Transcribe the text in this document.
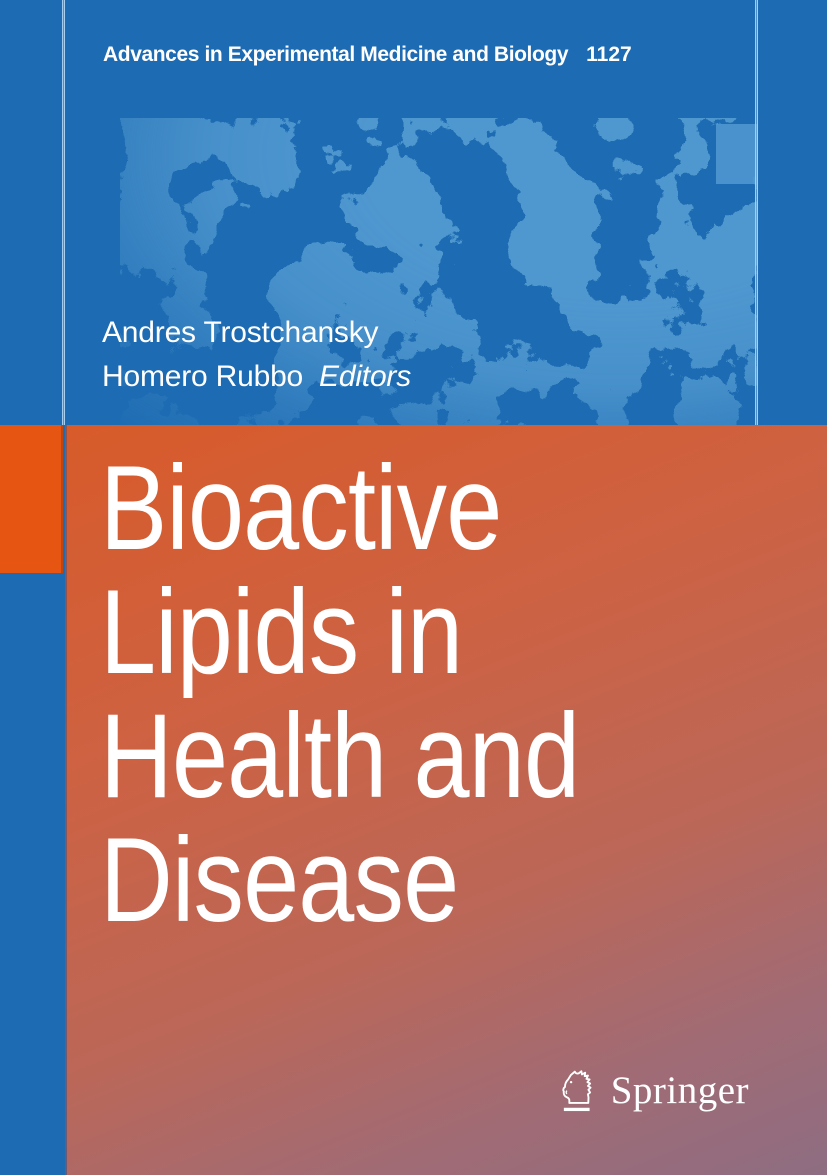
Advances in Experimental Medicine and Biology 1127
Andres Trostchansky
Homero Rubbo Editors
Bioactive
Lipids in
Health and
Disease
Springer
